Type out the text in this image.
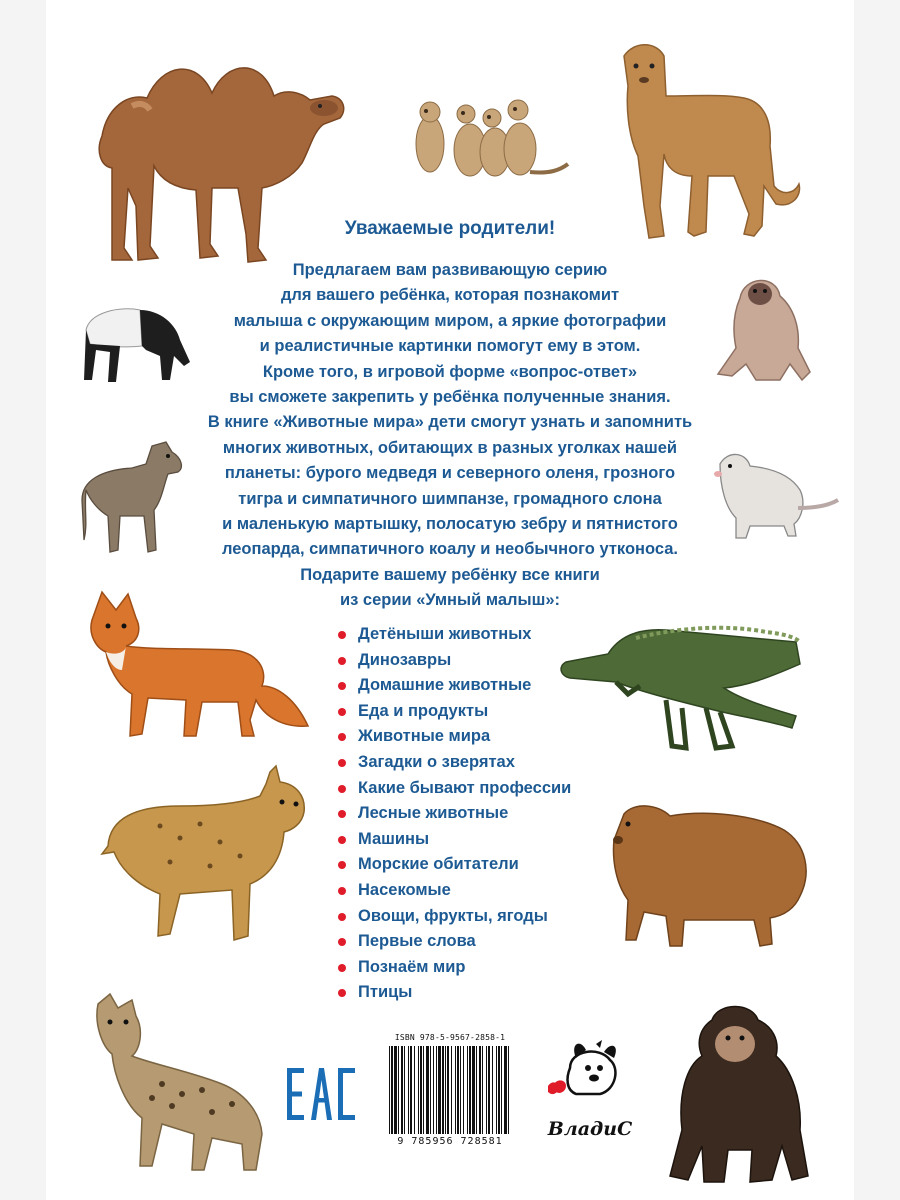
Уважаемые родители!

Предлагаем вам развивающую серию

для вашего ребёнка, которая познакомит

малыша с окружающим миром, а яркие фотографии

и реалистичные картинки помогут ему в этом.

Кроме того, в игровой форме «вопрос-ответ»

вы сможете закрепить у ребёнка полученные знания.

В книге «Животные мира» дети смогут узнать и запомнить

многих животных, обитающих в разных уголках нашей

планеты: бурого медведя и северного оленя, грозного

тигра и симпатичного шимпанзе, громадного слона

и маленькую мартышку, полосатую зебру и пятнистого

леопарда, симпатичного коалу и необычного утконоса.

Подарите вашему ребёнку все книги

из серии «Умный малыш»:

Детёныши животных
Динозавры
Домашние животные
Еда и продукты
Животные мира
Загадки о зверятах
Какие бывают профессии
Лесные животные
Машины
Морские обитатели
Насекомые
Овощи, фрукты, ягоды
Первые слова
Познаём мир
Птицы
ISBN 978-5-9567-2858-1
9 785956 728581
ВладиС
